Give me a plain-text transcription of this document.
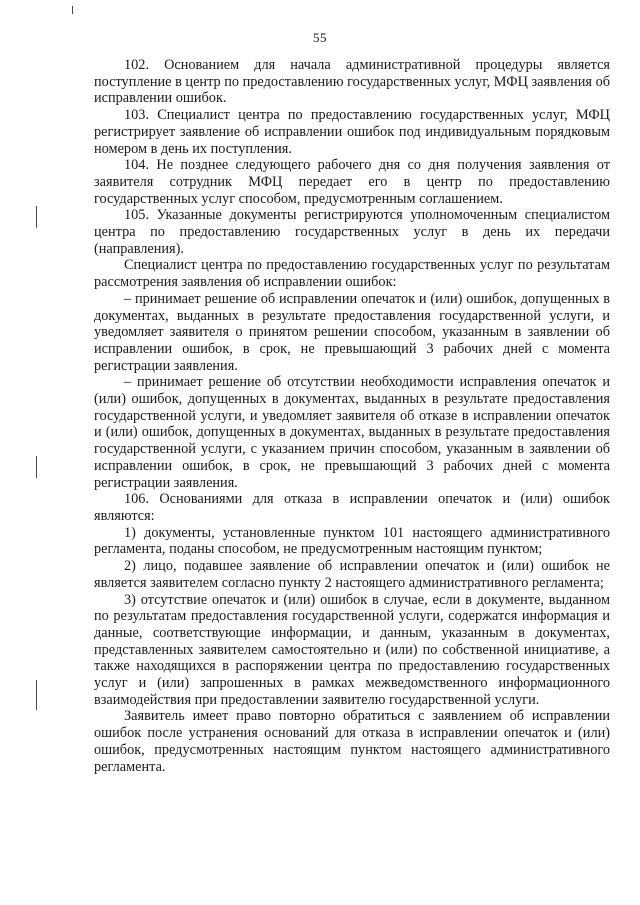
55

102. Основанием для начала административной процедуры является поступление в центр по предоставлению государственных услуг, МФЦ заявления об исправлении ошибок.

103. Специалист центра по предоставлению государственных услуг, МФЦ регистрирует заявление об исправлении ошибок под индивидуальным порядковым номером в день их поступления.

104. Не позднее следующего рабочего дня со дня получения заявления от заявителя сотрудник МФЦ передает его в центр по предоставлению государственных услуг способом, предусмотренным соглашением.

105. Указанные документы регистрируются уполномоченным специалистом центра по предоставлению государственных услуг в день их передачи (направления).

Специалист центра по предоставлению государственных услуг по результатам рассмотрения заявления об исправлении ошибок:

– принимает решение об исправлении опечаток и (или) ошибок, допущенных в документах, выданных в результате предоставления государственной услуги, и уведомляет заявителя о принятом решении способом, указанным в заявлении об исправлении ошибок, в срок, не превышающий 3 рабочих дней с момента регистрации заявления.

– принимает решение об отсутствии необходимости исправления опечаток и (или) ошибок, допущенных в документах, выданных в результате предоставления государственной услуги, и уведомляет заявителя об отказе в исправлении опечаток и (или) ошибок, допущенных в документах, выданных в результате предоставления государственной услуги, с указанием причин способом, указанным в заявлении об исправлении ошибок, в срок, не превышающий 3 рабочих дней с момента регистрации заявления.

106. Основаниями для отказа в исправлении опечаток и (или) ошибок являются:

1) документы, установленные пунктом 101 настоящего административного регламента, поданы способом, не предусмотренным настоящим пунктом;

2) лицо, подавшее заявление об исправлении опечаток и (или) ошибок не является заявителем согласно пункту 2 настоящего административного регламента;

3) отсутствие опечаток и (или) ошибок в случае, если в документе, выданном по результатам предоставления государственной услуги, содержатся информация и данные, соответствующие информации, и данным, указанным в документах, представленных заявителем самостоятельно и (или) по собственной инициативе, а также находящихся в распоряжении центра по предоставлению государственных услуг и (или) запрошенных в рамках межведомственного информационного взаимодействия при предоставлении заявителю государственной услуги.

Заявитель имеет право повторно обратиться с заявлением об исправлении ошибок после устранения оснований для отказа в исправлении опечаток и (или) ошибок, предусмотренных настоящим пунктом настоящего административного регламента.
